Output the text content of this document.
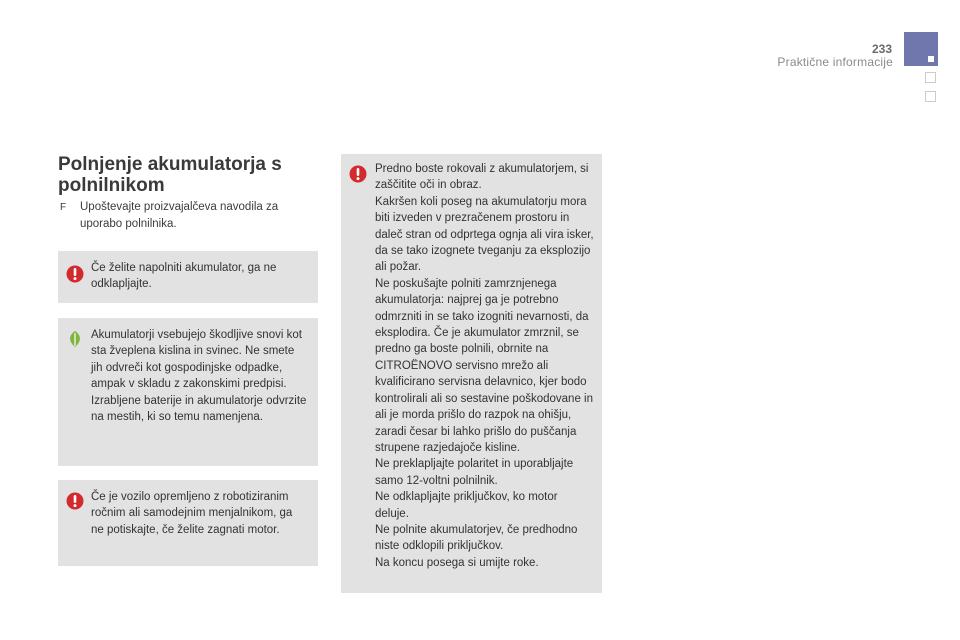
233
Praktične informacije
Polnjenje akumulatorja s polnilnikom
F	Upoštevajte proizvajalčeva navodila za uporabo polnilnika.

Če želite napolniti akumulator, ga ne odklapljajte.

Akumulatorji vsebujejo škodljive snovi kot sta žveplena kislina in svinec. Ne smete jih odvreči kot gospodinjske odpadke, ampak v skladu z zakonskimi predpisi.

Izrabljene baterije in akumulatorje odvrzite na mestih, ki so temu namenjena.

Če je vozilo opremljeno z robotiziranim ročnim ali samodejnim menjalnikom, ga ne potiskajte, če želite zagnati motor.

Predno boste rokovali z akumulatorjem, si zaščitite oči in obraz.

Kakršen koli poseg na akumulatorju mora biti izveden v prezračenem prostoru in daleč stran od odprtega ognja ali vira isker, da se tako izognete tveganju za eksplozijo ali požar.

Ne poskušajte polniti zamrznjenega akumulatorja: najprej ga je potrebno odmrzniti in se tako izogniti nevarnosti, da eksplodira. Če je akumulator zmrznil, se predno ga boste polnili, obrnite na CITROËNOVO servisno mrežo ali kvalificirano servisna delavnico, kjer bodo kontrolirali ali so sestavine poškodovane in ali je morda prišlo do razpok na ohišju, zaradi česar bi lahko prišlo do puščanja strupene razjedajoče kisline.

Ne preklapljajte polaritet in uporabljajte samo 12-voltni polnilnik.

Ne odklapljajte priključkov, ko motor deluje.

Ne polnite akumulatorjev, če predhodno niste odklopili priključkov.

Na koncu posega si umijte roke.
